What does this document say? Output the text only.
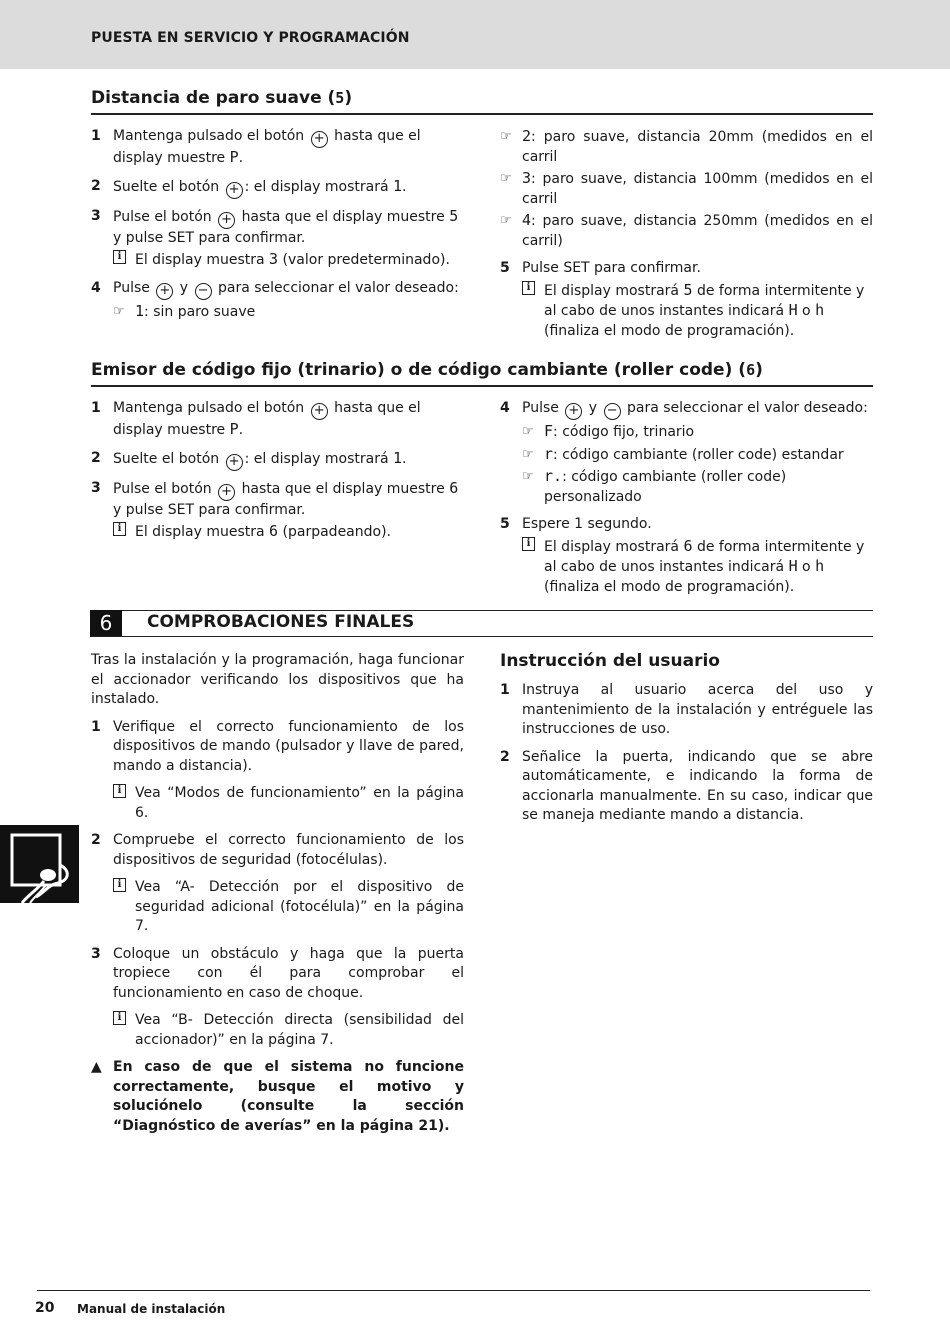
PUESTA EN SERVICIO Y PROGRAMACIÓN
Distancia de paro suave (5)
1 Mantenga pulsado el botón + hasta que el display muestre P.
2 Suelte el botón + : el display mostrará 1.
3 Pulse el botón + hasta que el display muestre 5 y pulse SET para confirmar.
i El display muestra 3 (valor predeterminado).
4 Pulse + y − para seleccionar el valor deseado:
☞ 1: sin paro suave
☞ 2: paro suave, distancia 20mm (medidos en el carril
☞ 3: paro suave, distancia 100mm (medidos en el carril
☞ 4: paro suave, distancia 250mm (medidos en el carril)
5 Pulse SET para confirmar.
i El display mostrará 5 de forma intermitente y al cabo de unos instantes indicará H o h (finaliza el modo de programación).
Emisor de código fijo (trinario) o de código cambiante (roller code) (6)
1 Mantenga pulsado el botón + hasta que el display muestre P.
2 Suelte el botón + : el display mostrará 1.
3 Pulse el botón + hasta que el display muestre 6 y pulse SET para confirmar.
i El display muestra 6 (parpadeando).
4 Pulse + y − para seleccionar el valor deseado:
☞ F: código fijo, trinario
☞ r: código cambiante (roller code) estandar
☞ r.: código cambiante (roller code) personalizado
5 Espere 1 segundo.
i El display mostrará 6 de forma intermitente y al cabo de unos instantes indicará H o h (finaliza el modo de programación).
6	COMPROBACIONES FINALES
Tras la instalación y la programación, haga funcionar el accionador verificando los dispositivos que ha instalado.
1 Verifique el correcto funcionamiento de los dispositivos de mando (pulsador y llave de pared, mando a distancia).
i Vea “Modos de funcionamiento” en la página 6.
2 Compruebe el correcto funcionamiento de los dispositivos de seguridad (fotocélulas).
i Vea “A- Detección por el dispositivo de seguridad adicional (fotocélula)” en la página 7.
3 Coloque un obstáculo y haga que la puerta tropiece con él para comprobar el funcionamiento en caso de choque.
i Vea “B- Detección directa (sensibilidad del accionador)” en la página 7.
▲ En caso de que el sistema no funcione correctamente, busque el motivo y soluciónelo (consulte la sección “Diagnóstico de averías” en la página 21).
Instrucción del usuario
1 Instruya al usuario acerca del uso y mantenimiento de la instalación y entréguele las instrucciones de uso.
2 Señalice la puerta, indicando que se abre automáticamente, e indicando la forma de accionarla manualmente. En su caso, indicar que se maneja mediante mando a distancia.
20 Manual de instalación
